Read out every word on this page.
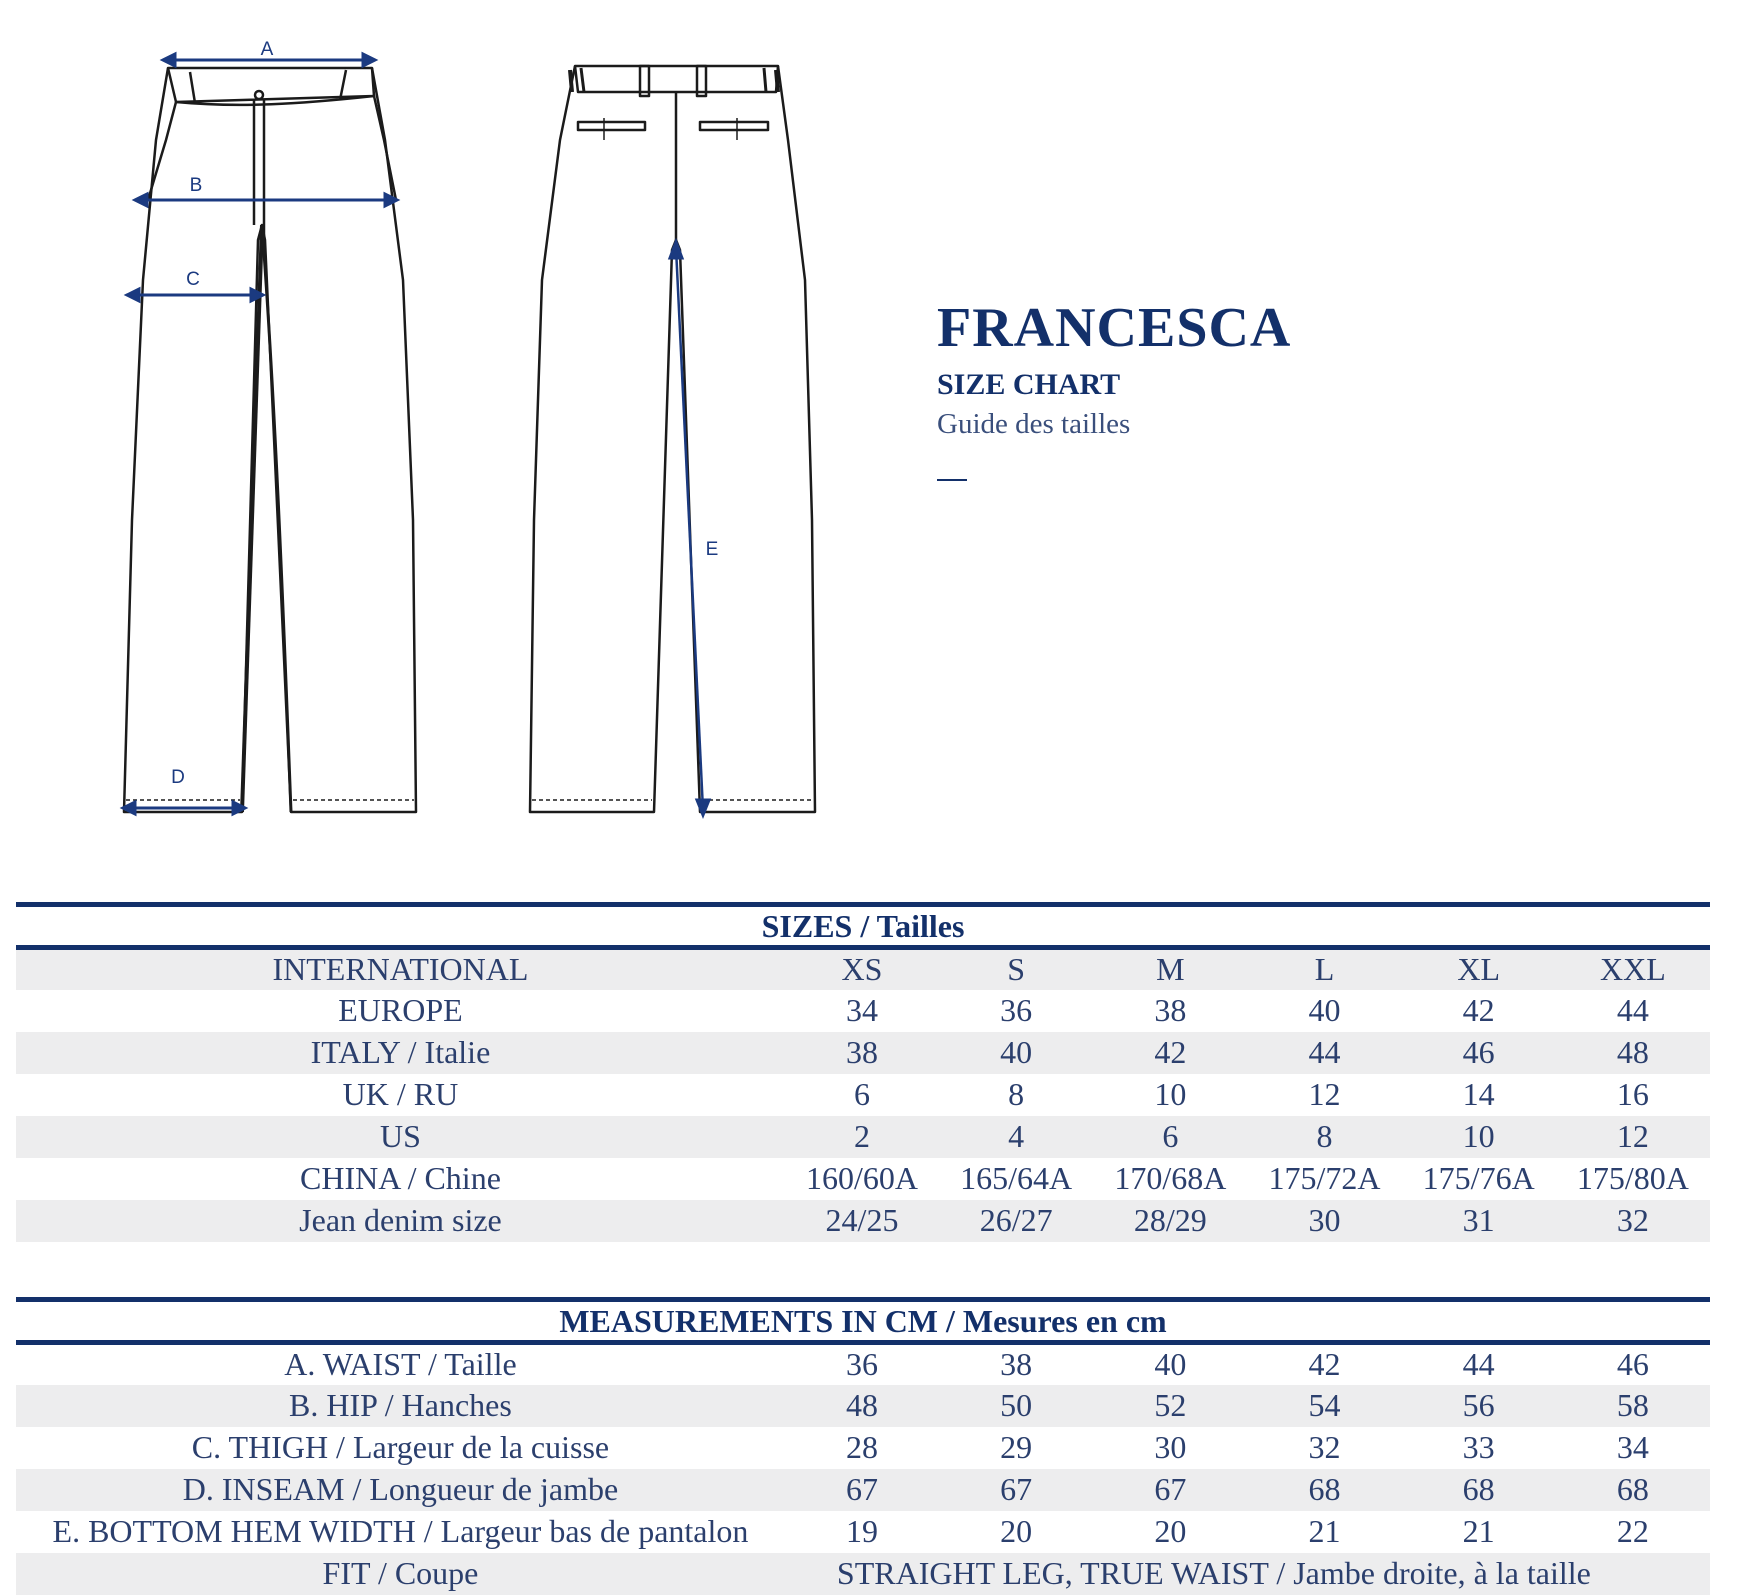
A
B
C
D
E
FRANCESCA
SIZE CHART
Guide des tailles
SIZES / Tailles						
INTERNATIONAL	XS	S	M	L	XL	XXL
EUROPE	34	36	38	40	42	44
ITALY / Italie	38	40	42	44	46	48
UK / RU	6	8	10	12	14	16
US	2	4	6	8	10	12
CHINA / Chine	160/60A	165/64A	170/68A	175/72A	175/76A	175/80A
Jean denim size	24/25	26/27	28/29	30	31	32
MEASUREMENTS IN CM / Mesures en cm						
A. WAIST / Taille	36	38	40	42	44	46
B. HIP / Hanches	48	50	52	54	56	58
C. THIGH / Largeur de la cuisse	28	29	30	32	33	34
D. INSEAM / Longueur de jambe	67	67	67	68	68	68
E. BOTTOM HEM WIDTH / Largeur bas de pantalon	19	20	20	21	21	22
FIT / Coupe	STRAIGHT LEG, TRUE WAIST / Jambe droite, à la taille					
